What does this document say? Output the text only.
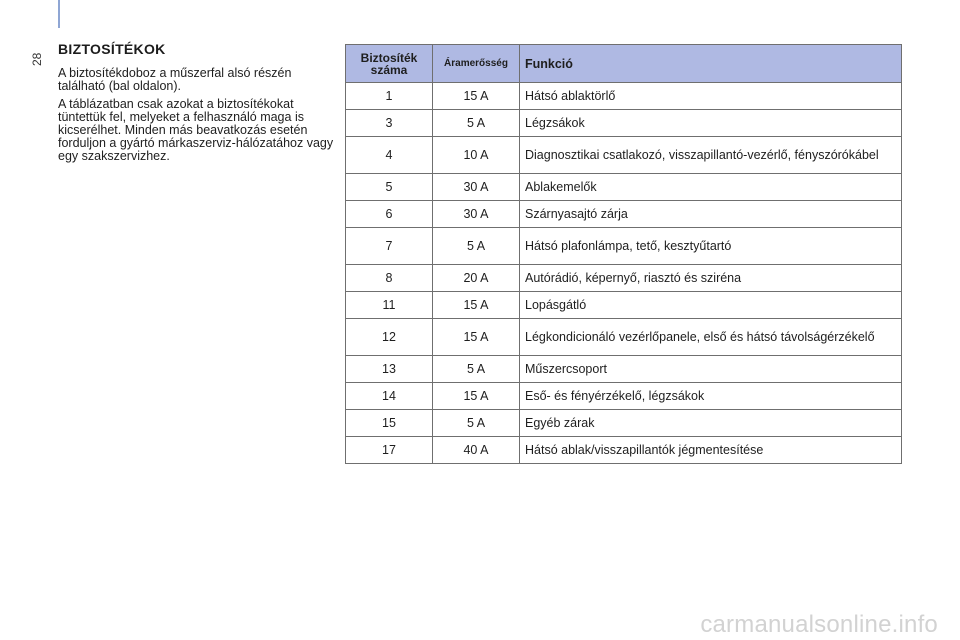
28
BIZTOSÍTÉKOK

A biztosítékdoboz a műszerfal alsó részén található (bal oldalon).

A táblázatban csak azokat a biztosítékokat tüntettük fel, melyeket a felhasználó maga is kicserélhet. Minden más beavatkozás esetén forduljon a gyártó márkaszerviz-hálózatához vagy egy szakszervizhez.

Biztosíték száma	Áramerősség	Funkció
1	15 A	Hátsó ablaktörlő
3	5 A	Légzsákok
4	10 A	Diagnosztikai csatlakozó, visszapillantó-vezérlő, fényszórókábel
5	30 A	Ablakemelők
6	30 A	Szárnyasajtó zárja
7	5 A	Hátsó plafonlámpa, tető, kesztyűtartó
8	20 A	Autórádió, képernyő, riasztó és sziréna
11	15 A	Lopásgátló
12	15 A	Légkondicionáló vezérlőpanele, első és hátsó távolságérzékelő
13	5 A	Műszercsoport
14	15 A	Eső- és fényérzékelő, légzsákok
15	5 A	Egyéb zárak
17	40 A	Hátsó ablak/visszapillantók jégmentesítése
carmanualsonline.info
